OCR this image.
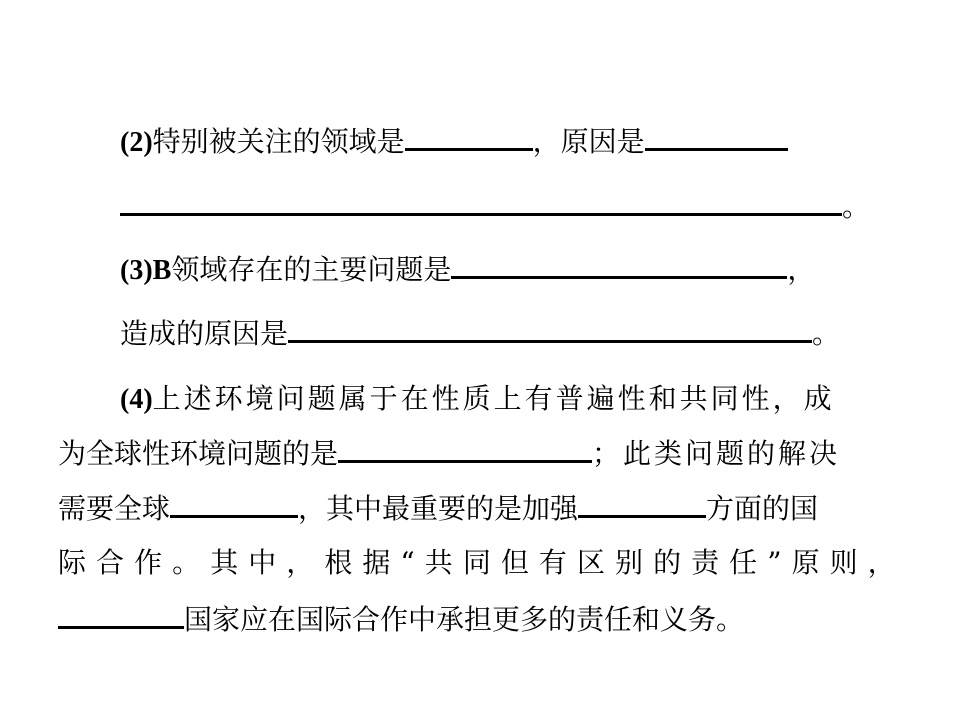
(2)特别被关注的领域是	，原因是
。
(3)B领域存在的主要问题是	，
造成的原因是	。
(4)上述环境问题属于在性质上有普遍性和共同性，成
为全球性环境问题的是	；此类问题的解决
需要全球	，其中最重要的是加强	方面的国
际 合 作 。 其 中 ， 根 据 “ 共 同 但 有 区 别 的 责 任 ” 原 则 ，
国家应在国际合作中承担更多的责任和义务。
